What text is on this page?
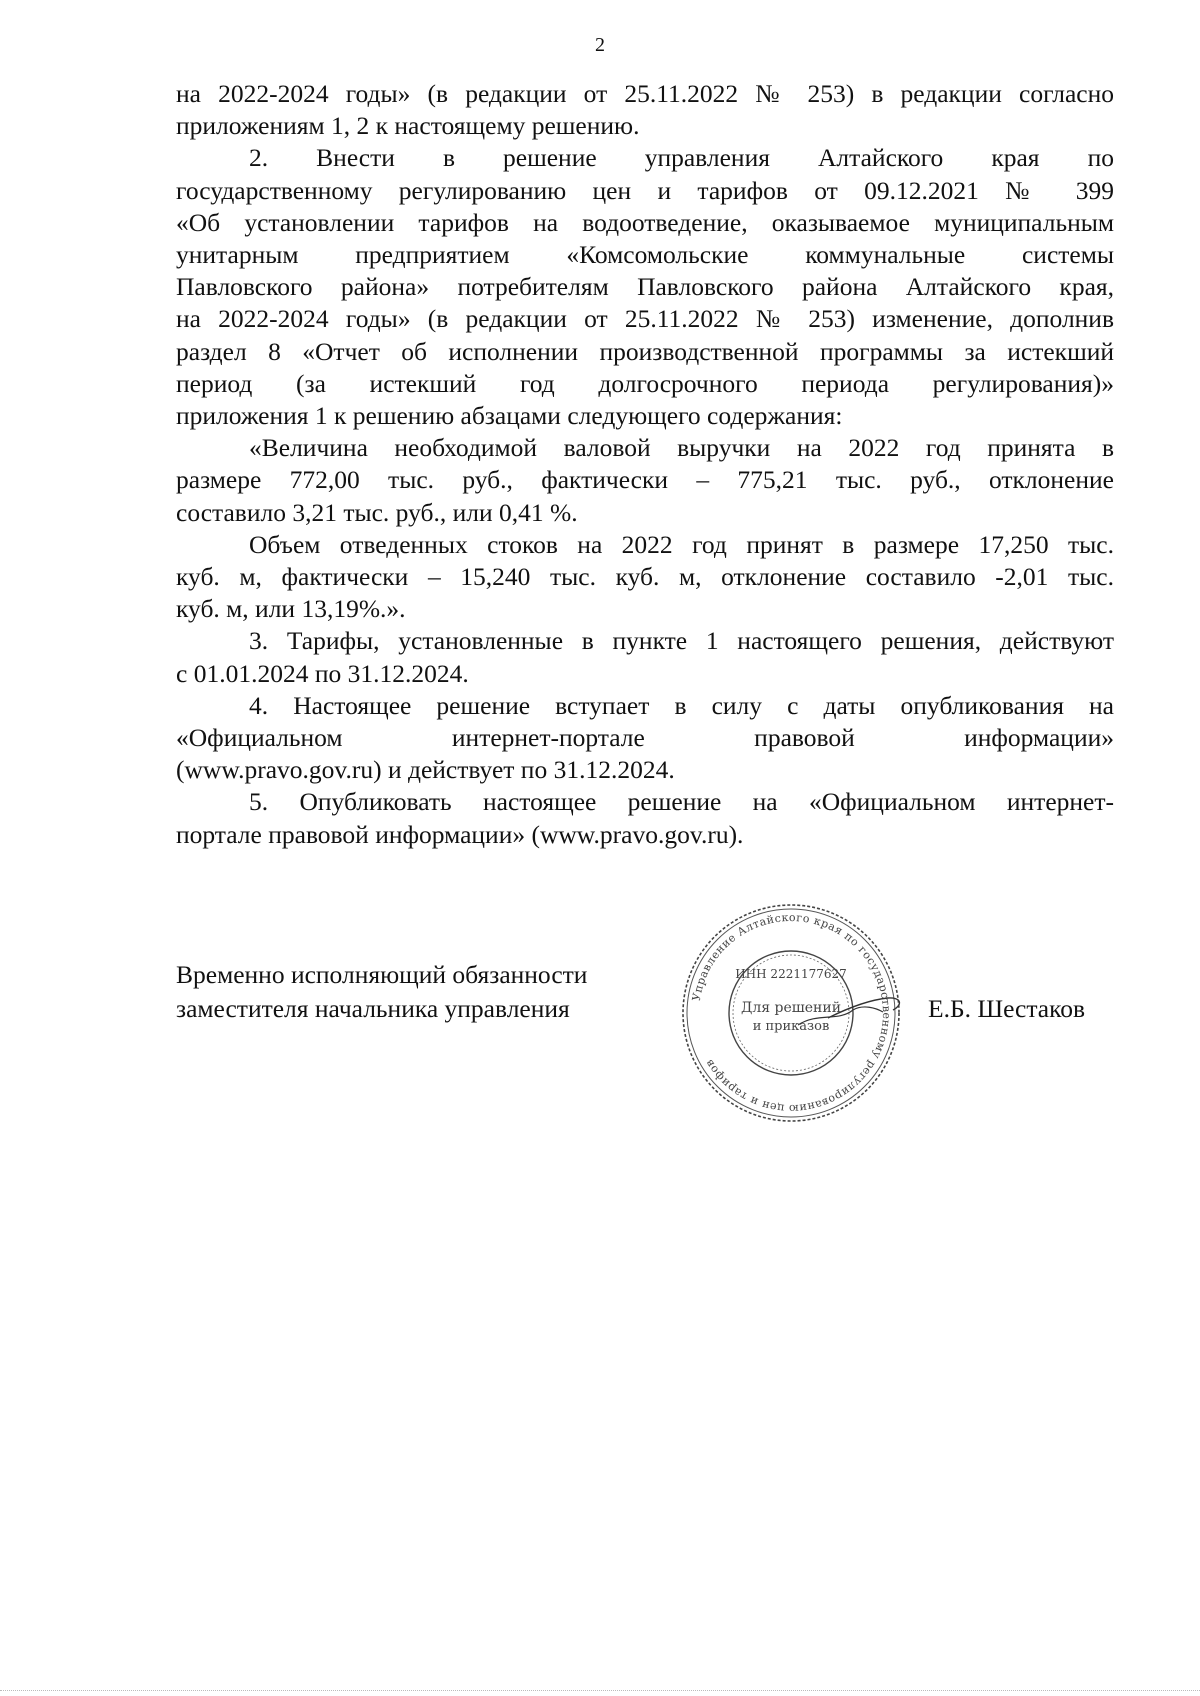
2
на 2022-2024 годы» (в редакции от 25.11.2022 № 253) в редакции согласно
приложениям 1, 2 к настоящему решению.
2. Внести в решение управления Алтайского края по
государственному регулированию цен и тарифов от 09.12.2021 № 399
«Об установлении тарифов на водоотведение, оказываемое муниципальным
унитарным предприятием «Комсомольские коммунальные системы
Павловского района» потребителям Павловского района Алтайского края,
на 2022-2024 годы» (в редакции от 25.11.2022 № 253) изменение, дополнив
раздел 8 «Отчет об исполнении производственной программы за истекший
период (за истекший год долгосрочного периода регулирования)»
приложения 1 к решению абзацами следующего содержания:
«Величина необходимой валовой выручки на 2022 год принята в
размере 772,00 тыс. руб., фактически – 775,21 тыс. руб., отклонение
составило 3,21 тыс. руб., или 0,41 %.
Объем отведенных стоков на 2022 год принят в размере 17,250 тыс.
куб. м, фактически – 15,240 тыс. куб. м, отклонение составило -2,01 тыс.
куб. м, или 13,19%.».
3. Тарифы, установленные в пункте 1 настоящего решения, действуют
с 01.01.2024 по 31.12.2024.
4. Настоящее решение вступает в силу с даты опубликования на
«Официальном интернет-портале правовой информации»
(www.pravo.gov.ru) и действует по 31.12.2024.
5. Опубликовать настоящее решение на «Официальном интернет-
портале правовой информации» (www.pravo.gov.ru).
Временно исполняющий обязанности
заместителя начальника управления	Управление Алтайского края по государственному регулированию цен и тарифов
ИНН 2221177627
Для решений
и приказов
Е.Б. Шестаков
